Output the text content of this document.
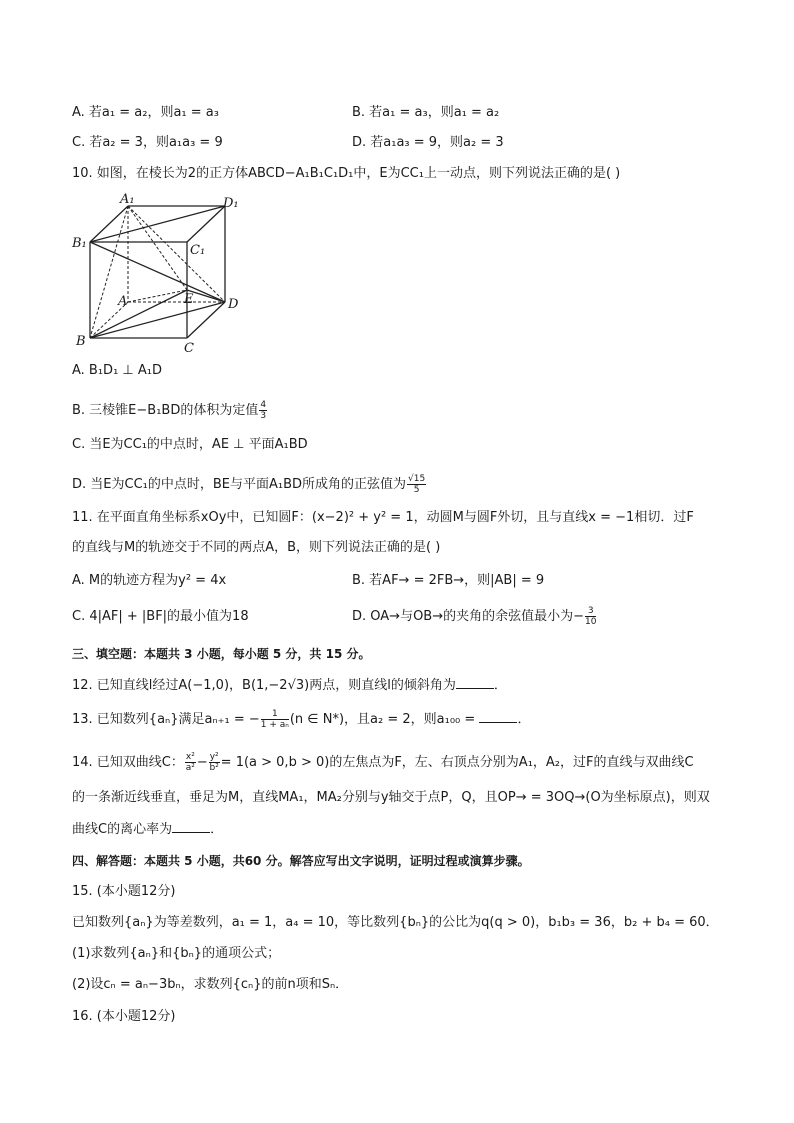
A. 若a₁ = a₂，则a₁ = a₃	B. 若a₁ = a₃，则a₁ = a₂
C. 若a₂ = 3，则a₁a₃ = 9	D. 若a₁a₃ = 9，则a₂ = 3
10. 如图，在棱长为2的正方体ABCD−A₁B₁C₁D₁中，E为CC₁上一动点，则下列说法正确的是( )
A₁	D₁
B₁	C₁
A	E	D
B	C
A. B₁D₁ ⊥ A₁D
B. 三棱锥E−B₁BD的体积为定值 $\frac{4}{3}$
C. 当E为CC₁的中点时，AE ⊥ 平面A₁BD
D. 当E为CC₁的中点时，BE与平面A₁BD所成角的正弦值为 $\frac{√15}{5}$
11. 在平面直角坐标系xOy中，已知圆F：(x−2)² + y² = 1，动圆M与圆F外切，且与直线x = −1相切．过F
的直线与M的轨迹交于不同的两点A，B，则下列说法正确的是( )
A. M的轨迹方程为y² = 4x	B. 若AF→ = 2FB→，则|AB| = 9
C. 4|AF| + |BF|的最小值为18	D. OA→与OB→的夹角的余弦值最小为− $\frac{3}{10}$
三、填空题：本题共 3 小题，每小题 5 分，共 15 分。
12. 已知直线l经过A(−1,0)，B(1,−2√3)两点，则直线l的倾斜角为	．
13. 已知数列{aₙ}满足aₙ₊₁ = − $\frac{1}{\text{1 + aₙ}} (n$ ∈ N*)，且a₂ = 2，则a₁₀₀ =	．
14. 已知双曲线C： $\frac{\text{x²}}{\text{a²}} - \frac{\text{y²}}{\text{b²}} = 1(a > 0,b > 0)$的左焦点为F，左、右顶点分别为A₁，A₂，过F的直线与双曲线C
的一条渐近线垂直，垂足为M，直线MA₁，MA₂分别与y轴交于点P，Q，且OP→ = 3OQ→(O为坐标原点)，则双
曲线C的离心率为	．
四、解答题：本题共 5 小题，共60 分。解答应写出文字说明，证明过程或演算步骤。
15. (本小题12分)
已知数列{aₙ}为等差数列，a₁ = 1，a₄ = 10，等比数列{bₙ}的公比为q(q > 0)，b₁b₃ = 36，b₂ + b₄ = 60．
(1)求数列{aₙ}和{bₙ}的通项公式；
(2)设cₙ = aₙ−3bₙ，求数列{cₙ}的前n项和Sₙ．
16. (本小题12分)
